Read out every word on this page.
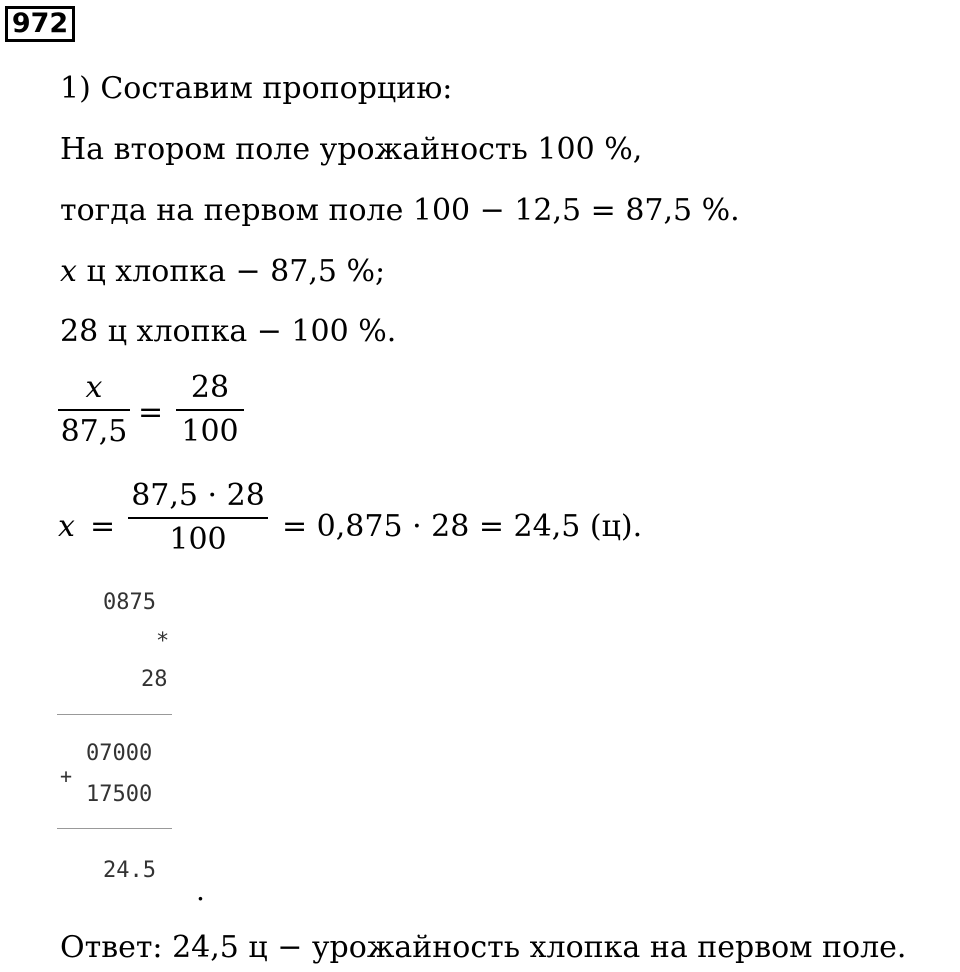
972
1) Составим пропорцию:
На втором поле урожайность 100 %,
тогда на первом поле 100 − 12,5 = 87,5 %.
x ц хлопка − 87,5 %;
28 ц хлопка − 100 %.
x
87,5
=
28
100
x =
87,5 · 28
100	= 0,875 · 28 = 24,5 (ц).
0875
*
28
07000
+
17500
24.5
.
Ответ: 24,5 ц − урожайность хлопка на первом поле.
